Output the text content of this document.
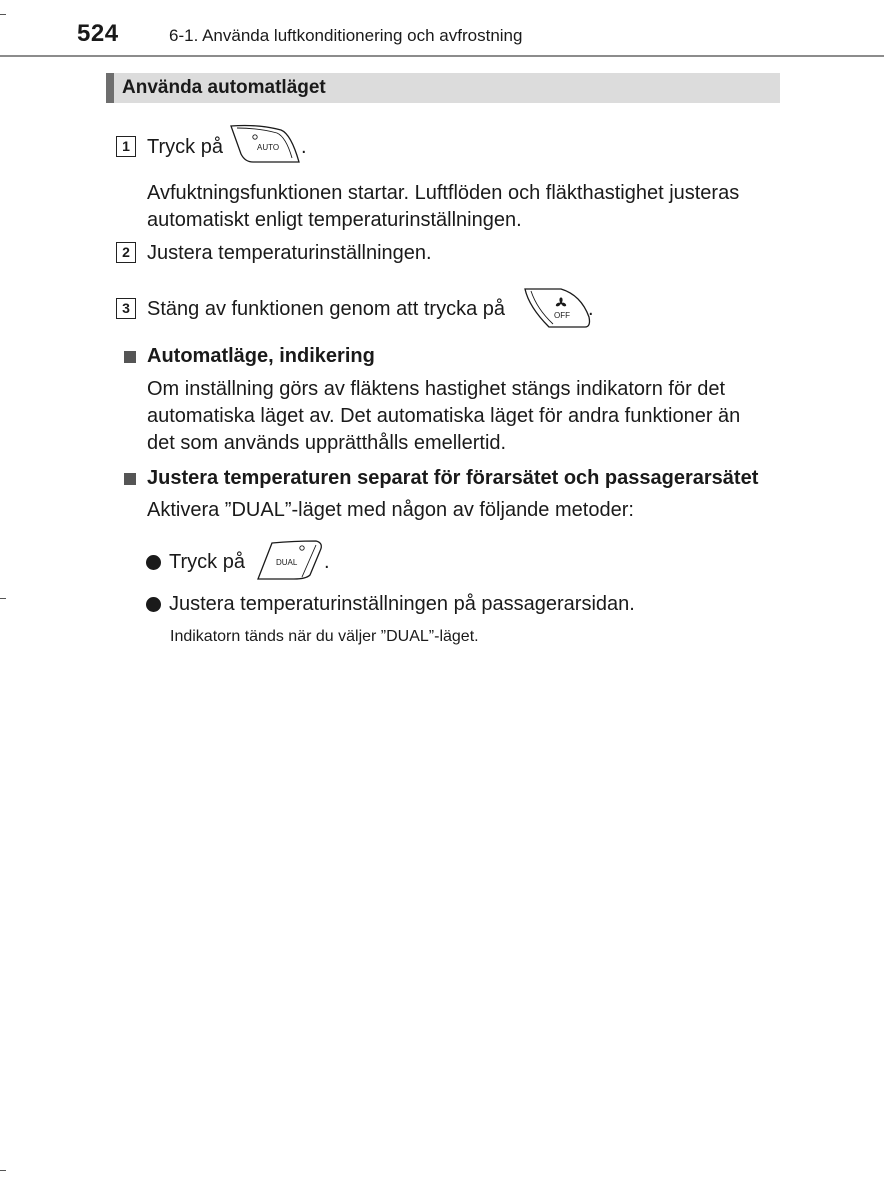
524	6-1. Använda luftkonditionering och avfrostning
Använda automatläget
1 Tryck på	AUTO .
Avfuktningsfunktionen startar. Luftflöden och fläkthastighet justeras
automatiskt enligt temperaturinställningen.
2 Justera temperaturinställningen.
3 Stäng av funktionen genom att trycka på	OFF .
Automatläge, indikering
Om inställning görs av fläktens hastighet stängs indikatorn för det
automatiska läget av. Det automatiska läget för andra funktioner än
det som används upprätthålls emellertid.
Justera temperaturen separat för förarsätet och passagerarsätet
Aktivera ”DUAL”-läget med någon av följande metoder:
Tryck på	DUAL .
Justera temperaturinställningen på passagerarsidan.
Indikatorn tänds när du väljer ”DUAL”-läget.
